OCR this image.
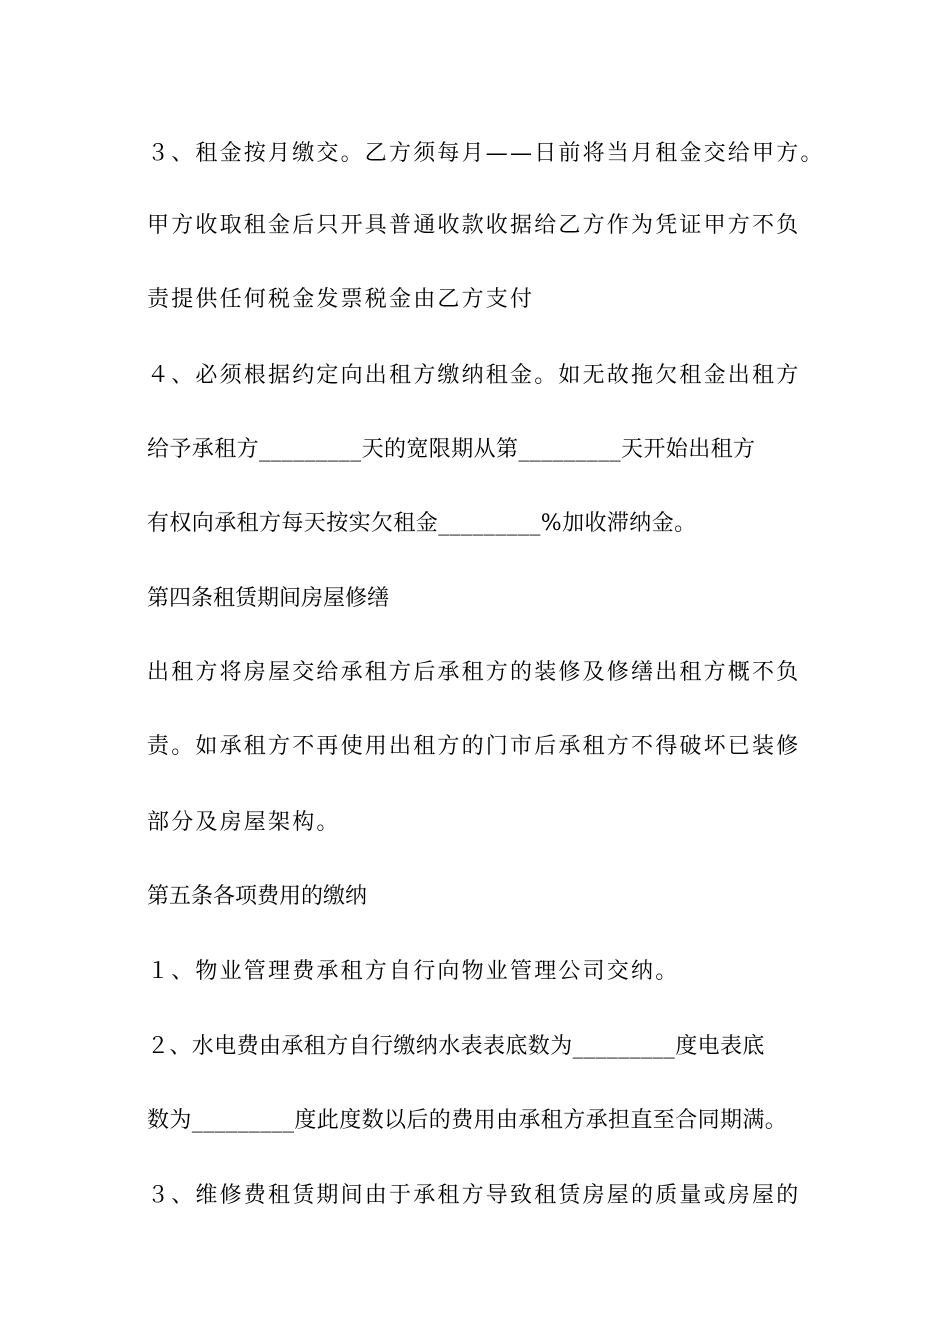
３、租金按月缴交。乙方须每月——日前将当月租金交给甲方。
甲方收取租金后只开具普通收款收据给乙方作为凭证甲方不负
责提供任何税金发票税金由乙方支付
４、必须根据约定向出租方缴纳租金。如无故拖欠租金出租方
给予承租方_________天的宽限期从第_________天开始出租方
有权向承租方每天按实欠租金_________%加收滞纳金。
第四条租赁期间房屋修缮
出租方将房屋交给承租方后承租方的装修及修缮出租方概不负
责。如承租方不再使用出租方的门市后承租方不得破坏已装修
部分及房屋架构。
第五条各项费用的缴纳
１、物业管理费承租方自行向物业管理公司交纳。
２、水电费由承租方自行缴纳水表表底数为_________度电表底
数为_________度此度数以后的费用由承租方承担直至合同期满。
３、维修费租赁期间由于承租方导致租赁房屋的质量或房屋的
